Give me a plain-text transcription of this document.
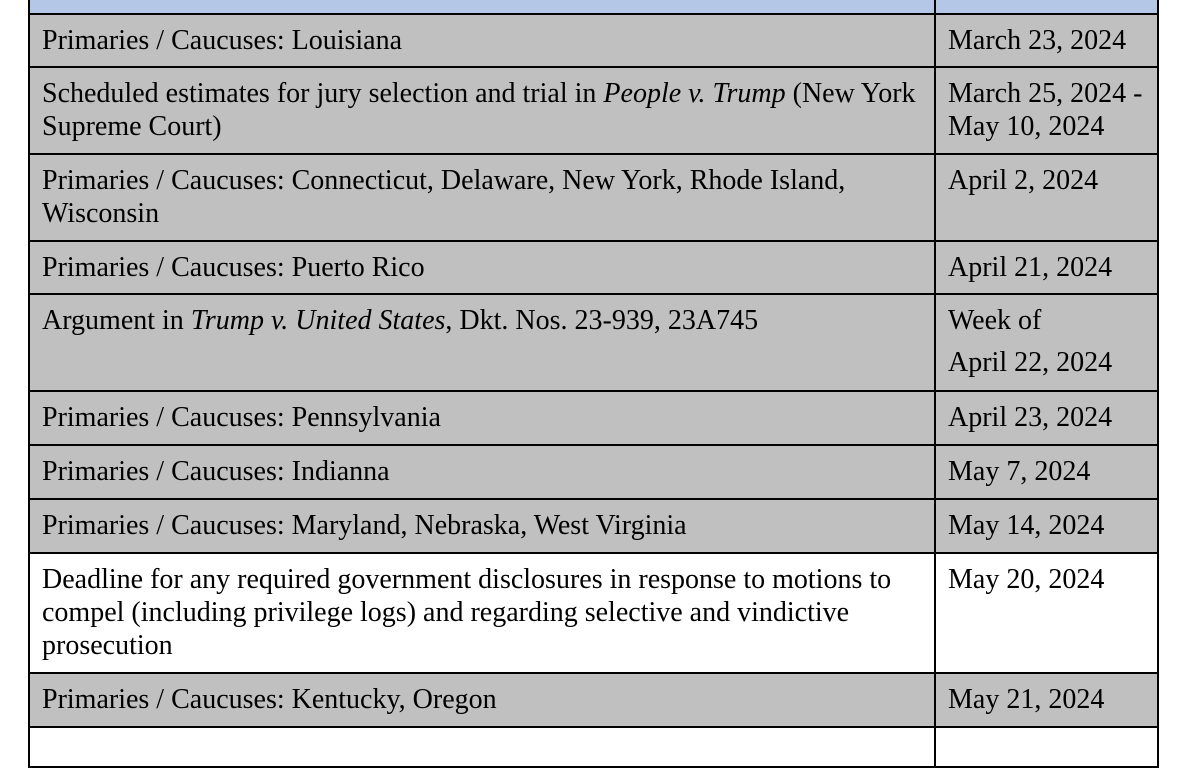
Primaries / Caucuses: Louisiana	March 23, 2024

Scheduled estimates for jury selection and trial in People v. Trump (New York Supreme Court)	March 25, 2024 -
May 10, 2024

Primaries / Caucuses: Connecticut, Delaware, New York, Rhode Island, Wisconsin	April 2, 2024

Primaries / Caucuses: Puerto Rico	April 21, 2024

Argument in Trump v. United States, Dkt. Nos. 23-939, 23A745	Week of
April 22, 2024

Primaries / Caucuses: Pennsylvania	April 23, 2024

Primaries / Caucuses: Indianna	May 7, 2024

Primaries / Caucuses: Maryland, Nebraska, West Virginia	May 14, 2024

Deadline for any required government disclosures in response to motions to compel (including privilege logs) and regarding selective and vindictive prosecution	May 20, 2024

Primaries / Caucuses: Kentucky, Oregon	May 21, 2024
